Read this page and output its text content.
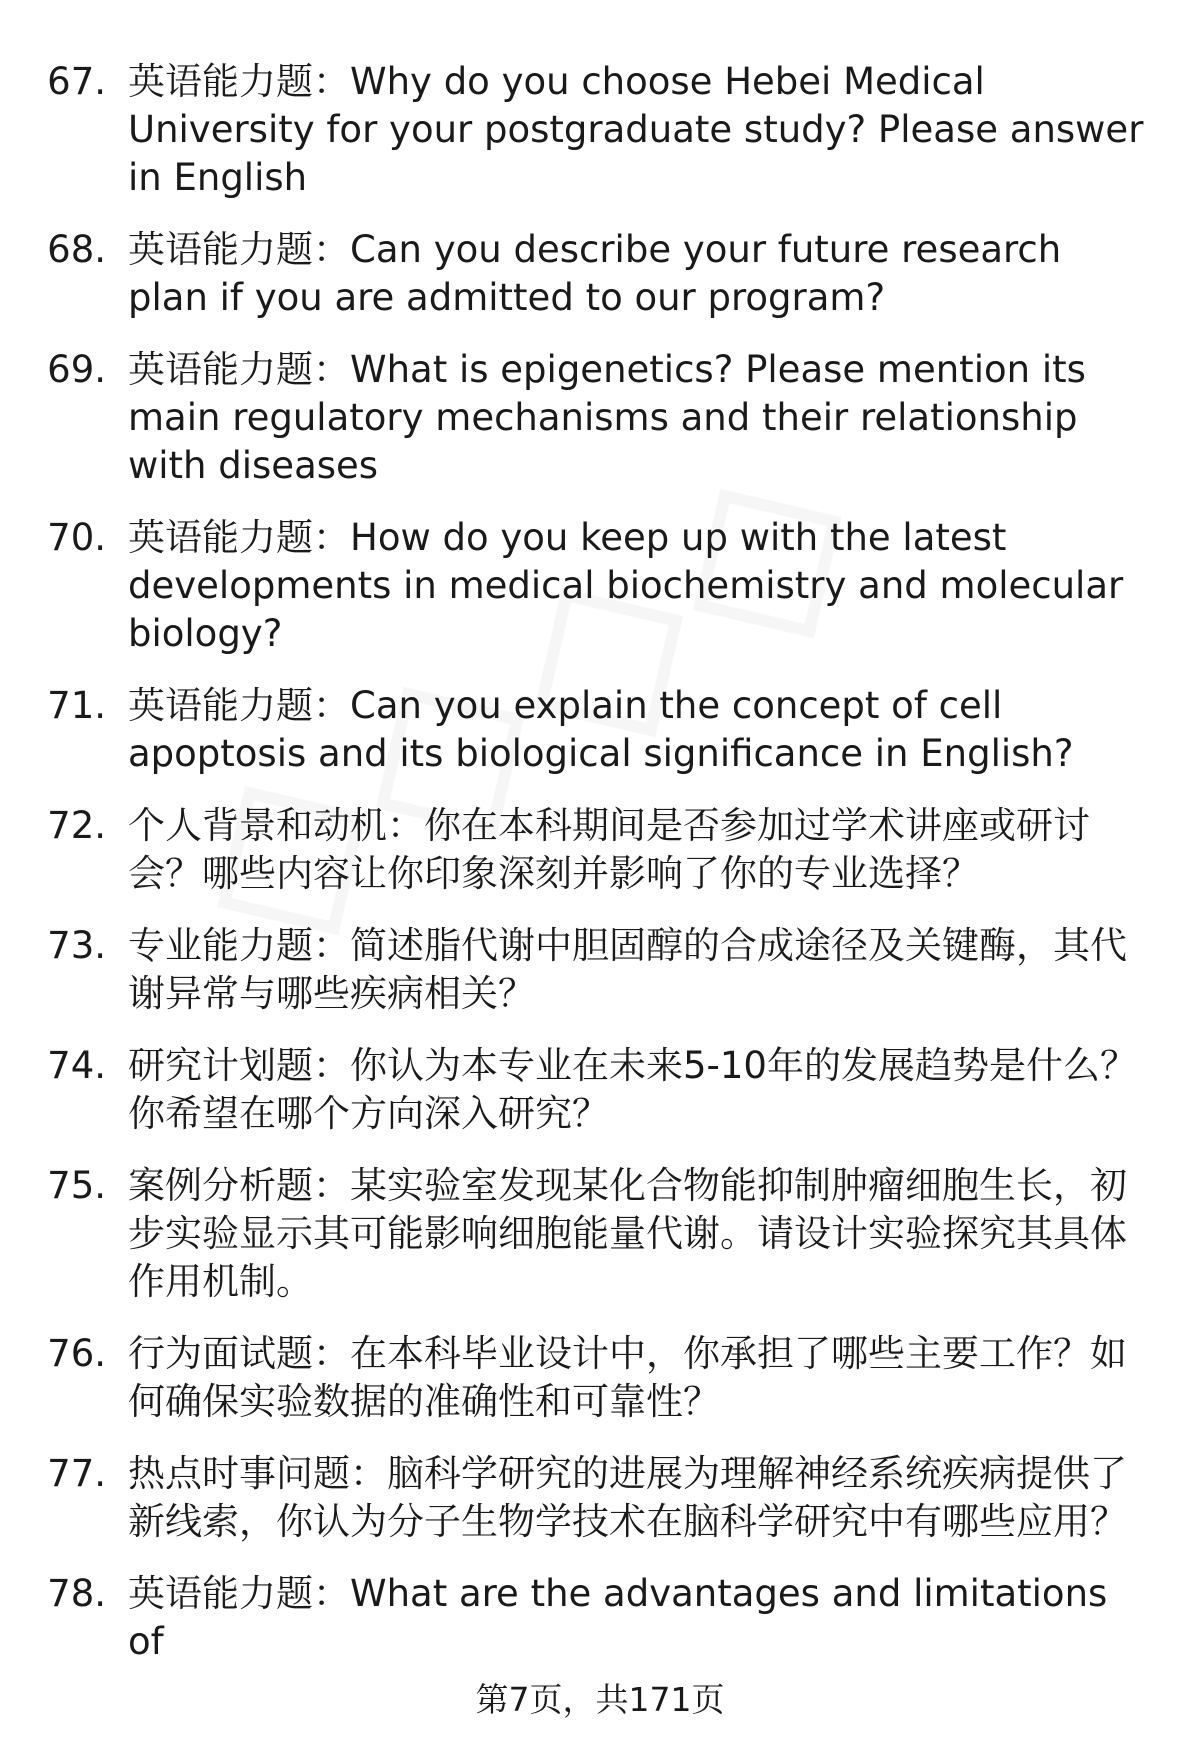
67. 英语能力题：Why do you choose Hebei Medical University for your postgraduate study? Please answer in English
68. 英语能力题：Can you describe your future research plan if you are admitted to our program?
69. 英语能力题：What is epigenetics? Please mention its main regulatory mechanisms and their relationship with diseases
70. 英语能力题：How do you keep up with the latest developments in medical biochemistry and molecular biology?
71. 英语能力题：Can you explain the concept of cell apoptosis and its biological significance in English?
72. 个人背景和动机：你在本科期间是否参加过学术讲座或研讨会？哪些内容让你印象深刻并影响了你的专业选择？
73. 专业能力题：简述脂代谢中胆固醇的合成途径及关键酶，其代谢异常与哪些疾病相关？
74. 研究计划题：你认为本专业在未来5-10年的发展趋势是什么？你希望在哪个方向深入研究？
75. 案例分析题：某实验室发现某化合物能抑制肿瘤细胞生长，初步实验显示其可能影响细胞能量代谢。请设计实验探究其具体作用机制。
76. 行为面试题：在本科毕业设计中，你承担了哪些主要工作？如何确保实验数据的准确性和可靠性？
77. 热点时事问题：脑科学研究的进展为理解神经系统疾病提供了新线索，你认为分子生物学技术在脑科学研究中有哪些应用？
78. 英语能力题：What are the advantages and limitations of
第7页，共171页
